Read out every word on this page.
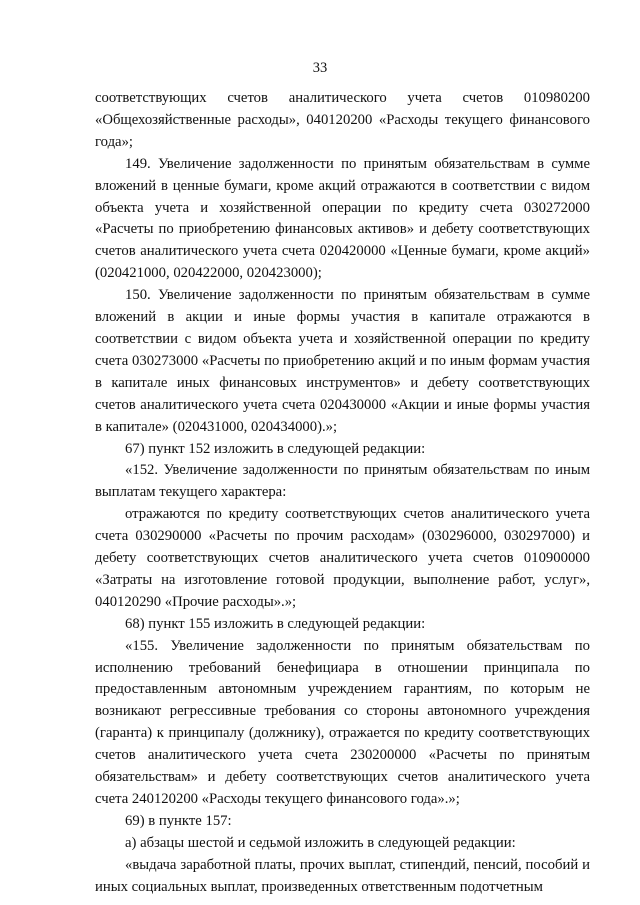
33

соответствующих счетов аналитического учета счетов 010980200 «Общехозяйственные расходы», 040120200 «Расходы текущего финансового года»;

149. Увеличение задолженности по принятым обязательствам в сумме вложений в ценные бумаги, кроме акций отражаются в соответствии с видом объекта учета и хозяйственной операции по кредиту счета 030272000 «Расчеты по приобретению финансовых активов» и дебету соответствующих счетов аналитического учета счета 020420000 «Ценные бумаги, кроме акций» (020421000, 020422000, 020423000);

150. Увеличение задолженности по принятым обязательствам в сумме вложений в акции и иные формы участия в капитале отражаются в соответствии с видом объекта учета и хозяйственной операции по кредиту счета 030273000 «Расчеты по приобретению акций и по иным формам участия в капитале иных финансовых инструментов» и дебету соответствующих счетов аналитического учета счета 020430000 «Акции и иные формы участия в капитале» (020431000, 020434000).»;

67) пункт 152 изложить в следующей редакции:

«152. Увеличение задолженности по принятым обязательствам по иным выплатам текущего характера:

отражаются по кредиту соответствующих счетов аналитического учета счета 030290000 «Расчеты по прочим расходам» (030296000, 030297000) и дебету соответствующих счетов аналитического учета счетов 010900000 «Затраты на изготовление готовой продукции, выполнение работ, услуг», 040120290 «Прочие расходы».»;

68) пункт 155 изложить в следующей редакции:

«155. Увеличение задолженности по принятым обязательствам по исполнению требований бенефициара в отношении принципала по предоставленным автономным учреждением гарантиям, по которым не возникают регрессивные требования со стороны автономного учреждения (гаранта) к принципалу (должнику), отражается по кредиту соответствующих счетов аналитического учета счета 230200000 «Расчеты по принятым обязательствам» и дебету соответствующих счетов аналитического учета счета 240120200 «Расходы текущего финансового года».»;

69) в пункте 157:

а) абзацы шестой и седьмой изложить в следующей редакции:

«выдача заработной платы, прочих выплат, стипендий, пенсий, пособий и иных социальных выплат, произведенных ответственным подотчетным
